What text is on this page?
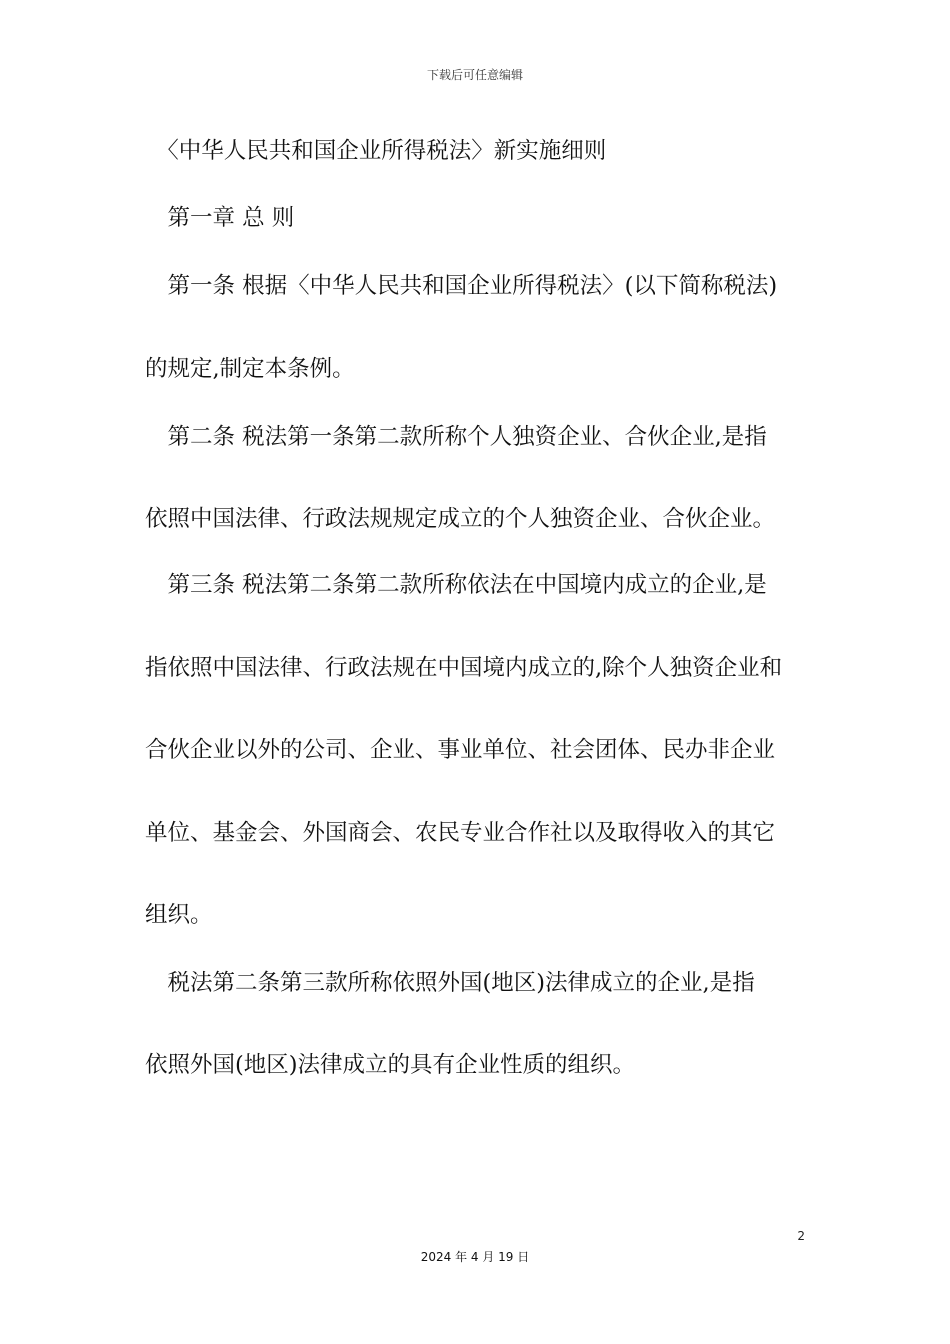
下载后可任意编辑
　〈中华人民共和国企业所得税法〉新实施细则
　第一章 总 则
　第一条 根据〈中华人民共和国企业所得税法〉(以下简称税法)
的规定,制定本条例。
　第二条 税法第一条第二款所称个人独资企业、合伙企业,是指
依照中国法律、行政法规规定成立的个人独资企业、合伙企业。
　第三条 税法第二条第二款所称依法在中国境内成立的企业,是
指依照中国法律、行政法规在中国境内成立的,除个人独资企业和
合伙企业以外的公司、企业、事业单位、社会团体、民办非企业
单位、基金会、外国商会、农民专业合作社以及取得收入的其它
组织。
　税法第二条第三款所称依照外国(地区)法律成立的企业,是指
依照外国(地区)法律成立的具有企业性质的组织。
2
2024 年 4 月 19 日
